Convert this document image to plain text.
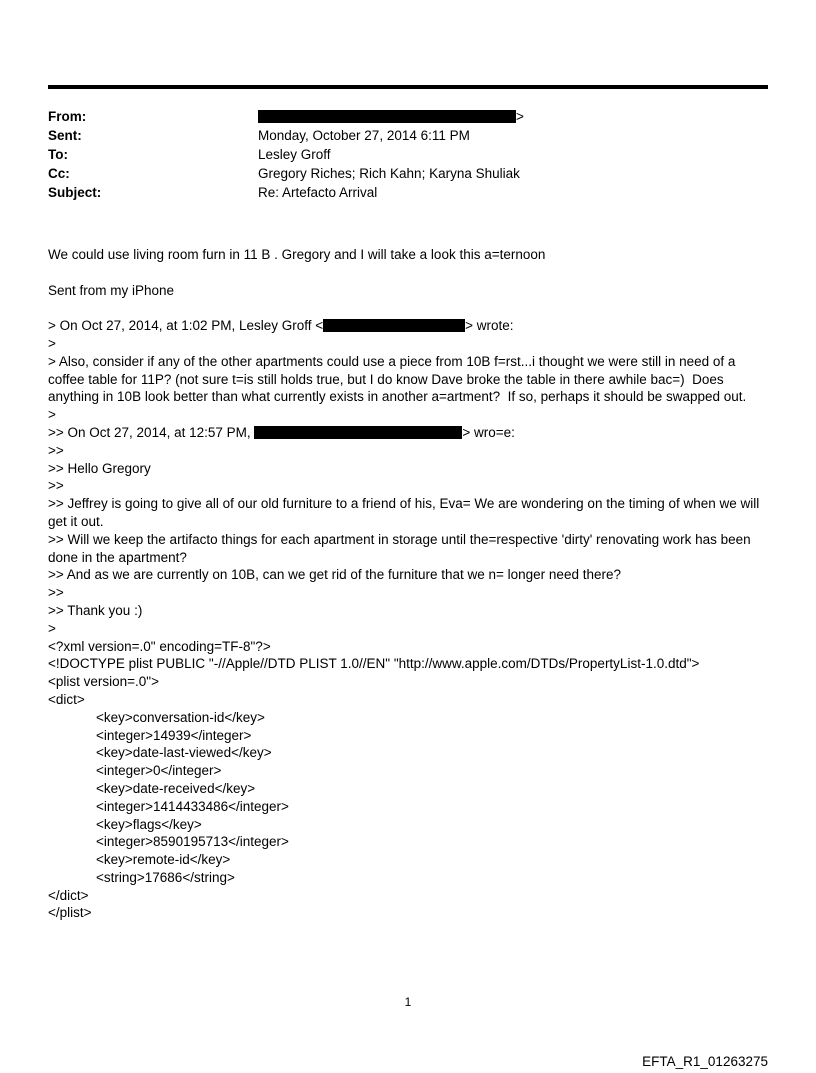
From:	>
Sent:	Monday, October 27, 2014 6:11 PM
To:	Lesley Groff
Cc:	Gregory Riches; Rich Kahn; Karyna Shuliak
Subject:	Re: Artefacto Arrival
We could use living room furn in 11 B . Gregory and I will take a look this a=ternoon
Sent from my iPhone
> On Oct 27, 2014, at 1:02 PM, Lesley Groff <	> wrote:
>
> Also, consider if any of the other apartments could use a piece from 10B f=rst...i thought we were still in need of a coffee table for 11P? (not sure t=is still holds true, but I do know Dave broke the table in there awhile bac=)  Does anything in 10B look better than what currently exists in another a=artment?  If so, perhaps it should be swapped out.
>
>> On Oct 27, 2014, at 12:57 PM,	> wro=e:
>>
>> Hello Gregory
>>
>> Jeffrey is going to give all of our old furniture to a friend of his, Eva= We are wondering on the timing of when we will get it out.
>> Will we keep the artifacto things for each apartment in storage until the=respective 'dirty' renovating work has been done in the apartment?
>> And as we are currently on 10B, can we get rid of the furniture that we n= longer need there?
>>
>> Thank you :)
>
<?xml version=.0" encoding=TF-8"?>
<!DOCTYPE plist PUBLIC "-//Apple//DTD PLIST 1.0//EN" "http://www.apple.com/DTDs/PropertyList-1.0.dtd">
<plist version=.0">
<dict>
<key>conversation-id</key>
<integer>14939</integer>
<key>date-last-viewed</key>
<integer>0</integer>
<key>date-received</key>
<integer>1414433486</integer>
<key>flags</key>
<integer>8590195713</integer>
<key>remote-id</key>
<string>17686</string>
</dict>
</plist>
1
EFTA_R1_01263275
